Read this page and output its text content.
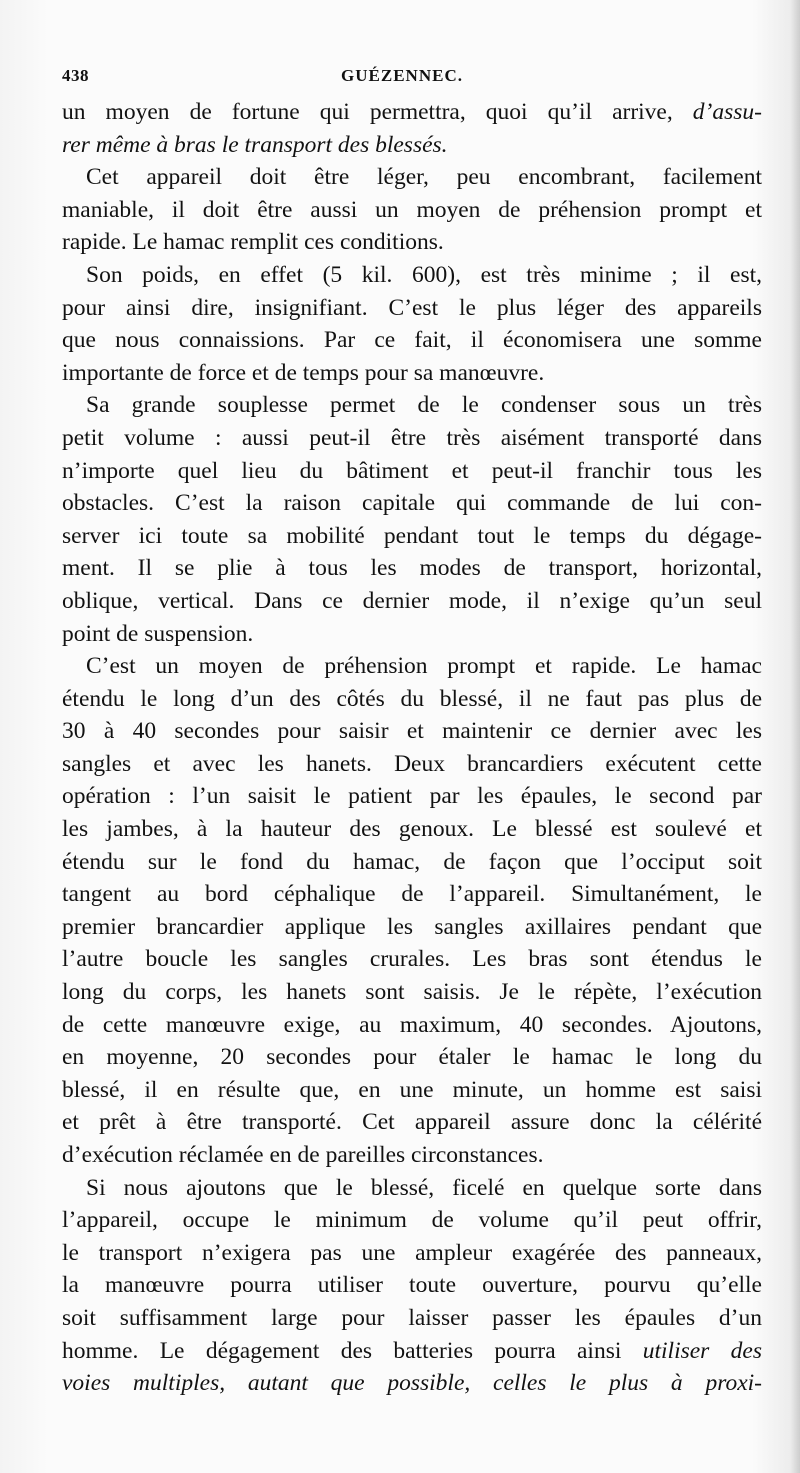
438	GUÉZENNEC.
un moyen de fortune qui permettra, quoi qu’il arrive, d’assu-
rer même à bras le transport des blessés.
Cet appareil doit être léger, peu encombrant, facilement
maniable, il doit être aussi un moyen de préhension prompt et
rapide. Le hamac remplit ces conditions.
Son poids, en effet (5 kil. 600), est très minime ; il est,
pour ainsi dire, insignifiant. C’est le plus léger des appareils
que nous connaissions. Par ce fait, il économisera une somme
importante de force et de temps pour sa manœuvre.
Sa grande souplesse permet de le condenser sous un très
petit volume : aussi peut-il être très aisément transporté dans
n’importe quel lieu du bâtiment et peut-il franchir tous les
obstacles. C’est la raison capitale qui commande de lui con-
server ici toute sa mobilité pendant tout le temps du dégage-
ment. Il se plie à tous les modes de transport, horizontal,
oblique, vertical. Dans ce dernier mode, il n’exige qu’un seul
point de suspension.
C’est un moyen de préhension prompt et rapide. Le hamac
étendu le long d’un des côtés du blessé, il ne faut pas plus de
30 à 40 secondes pour saisir et maintenir ce dernier avec les
sangles et avec les hanets. Deux brancardiers exécutent cette
opération : l’un saisit le patient par les épaules, le second par
les jambes, à la hauteur des genoux. Le blessé est soulevé et
étendu sur le fond du hamac, de façon que l’occiput soit
tangent au bord céphalique de l’appareil. Simultanément, le
premier brancardier applique les sangles axillaires pendant que
l’autre boucle les sangles crurales. Les bras sont étendus le
long du corps, les hanets sont saisis. Je le répète, l’exécution
de cette manœuvre exige, au maximum, 40 secondes. Ajoutons,
en moyenne, 20 secondes pour étaler le hamac le long du
blessé, il en résulte que, en une minute, un homme est saisi
et prêt à être transporté. Cet appareil assure donc la célérité
d’exécution réclamée en de pareilles circonstances.
Si nous ajoutons que le blessé, ficelé en quelque sorte dans
l’appareil, occupe le minimum de volume qu’il peut offrir,
le transport n’exigera pas une ampleur exagérée des panneaux,
la manœuvre pourra utiliser toute ouverture, pourvu qu’elle
soit suffisamment large pour laisser passer les épaules d’un
homme. Le dégagement des batteries pourra ainsi utiliser des
voies multiples, autant que possible, celles le plus à proxi-
